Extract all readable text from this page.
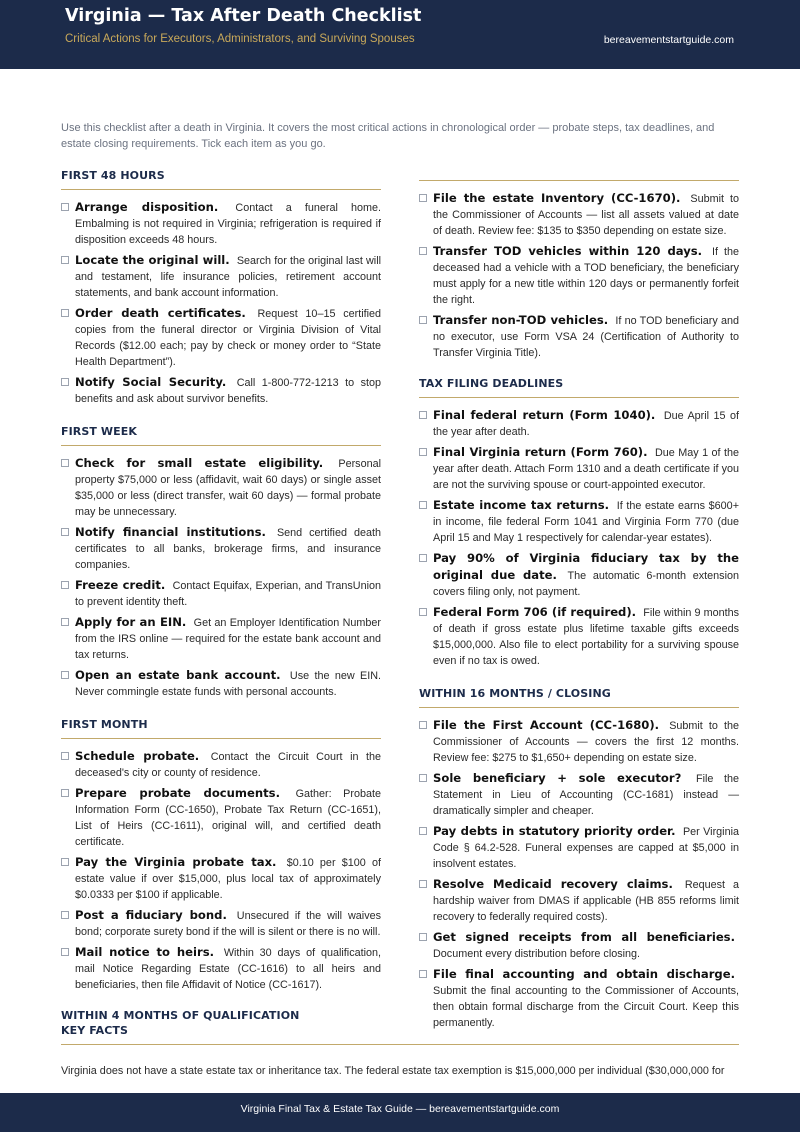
Virginia — Tax After Death Checklist
Critical Actions for Executors, Administrators, and Surviving Spouses	bereavementstartguide.com
Use this checklist after a death in Virginia. It covers the most critical actions in chronological order — probate steps, tax deadlines, and estate closing requirements. Tick each item as you go.
FIRST 48 HOURS
Arrange disposition. Contact a funeral home. Embalming is not required in Virginia; refrigeration is required if disposition exceeds 48 hours.
Locate the original will. Search for the original last will and testament, life insurance policies, retirement account statements, and bank account information.
Order death certificates. Request 10–15 certified copies from the funeral director or Virginia Division of Vital Records ($12.00 each; pay by check or money order to “State Health Department”).
Notify Social Security. Call 1-800-772-1213 to stop benefits and ask about survivor benefits.
FIRST WEEK
Check for small estate eligibility. Personal property $75,000 or less (affidavit, wait 60 days) or single asset $35,000 or less (direct transfer, wait 60 days) — formal probate may be unnecessary.
Notify financial institutions. Send certified death certificates to all banks, brokerage firms, and insurance companies.
Freeze credit. Contact Equifax, Experian, and TransUnion to prevent identity theft.
Apply for an EIN. Get an Employer Identification Number from the IRS online — required for the estate bank account and tax returns.
Open an estate bank account. Use the new EIN. Never commingle estate funds with personal accounts.
FIRST MONTH
Schedule probate. Contact the Circuit Court in the deceased's city or county of residence.
Prepare probate documents. Gather: Probate Information Form (CC-1650), Probate Tax Return (CC-1651), List of Heirs (CC-1611), original will, and certified death certificate.
Pay the Virginia probate tax. $0.10 per $100 of estate value if over $15,000, plus local tax of approximately $0.0333 per $100 if applicable.
Post a fiduciary bond. Unsecured if the will waives bond; corporate surety bond if the will is silent or there is no will.
Mail notice to heirs. Within 30 days of qualification, mail Notice Regarding Estate (CC-1616) to all heirs and beneficiaries, then file Affidavit of Notice (CC-1617).
WITHIN 4 MONTHS OF QUALIFICATION
File the estate Inventory (CC-1670). Submit to the Commissioner of Accounts — list all assets valued at date of death. Review fee: $135 to $350 depending on estate size.
Transfer TOD vehicles within 120 days. If the deceased had a vehicle with a TOD beneficiary, the beneficiary must apply for a new title within 120 days or permanently forfeit the right.
Transfer non-TOD vehicles. If no TOD beneficiary and no executor, use Form VSA 24 (Certification of Authority to Transfer Virginia Title).
TAX FILING DEADLINES
Final federal return (Form 1040). Due April 15 of the year after death.
Final Virginia return (Form 760). Due May 1 of the year after death. Attach Form 1310 and a death certificate if you are not the surviving spouse or court-appointed executor.
Estate income tax returns. If the estate earns $600+ in income, file federal Form 1041 and Virginia Form 770 (due April 15 and May 1 respectively for calendar-year estates).
Pay 90% of Virginia fiduciary tax by the original due date. The automatic 6-month extension covers filing only, not payment.
Federal Form 706 (if required). File within 9 months of death if gross estate plus lifetime taxable gifts exceeds $15,000,000. Also file to elect portability for a surviving spouse even if no tax is owed.
WITHIN 16 MONTHS / CLOSING
File the First Account (CC-1680). Submit to the Commissioner of Accounts — covers the first 12 months. Review fee: $275 to $1,650+ depending on estate size.
Sole beneficiary + sole executor? File the Statement in Lieu of Accounting (CC-1681) instead — dramatically simpler and cheaper.
Pay debts in statutory priority order. Per Virginia Code § 64.2-528. Funeral expenses are capped at $5,000 in insolvent estates.
Resolve Medicaid recovery claims. Request a hardship waiver from DMAS if applicable (HB 855 reforms limit recovery to federally required costs).
Get signed receipts from all beneficiaries. Document every distribution before closing.
File final accounting and obtain discharge. Submit the final accounting to the Commissioner of Accounts, then obtain formal discharge from the Circuit Court. Keep this permanently.
KEY FACTS
Virginia does not have a state estate tax or inheritance tax. The federal estate tax exemption is $15,000,000 per individual ($30,000,000 for
Virginia Final Tax & Estate Tax Guide — bereavementstartguide.com
